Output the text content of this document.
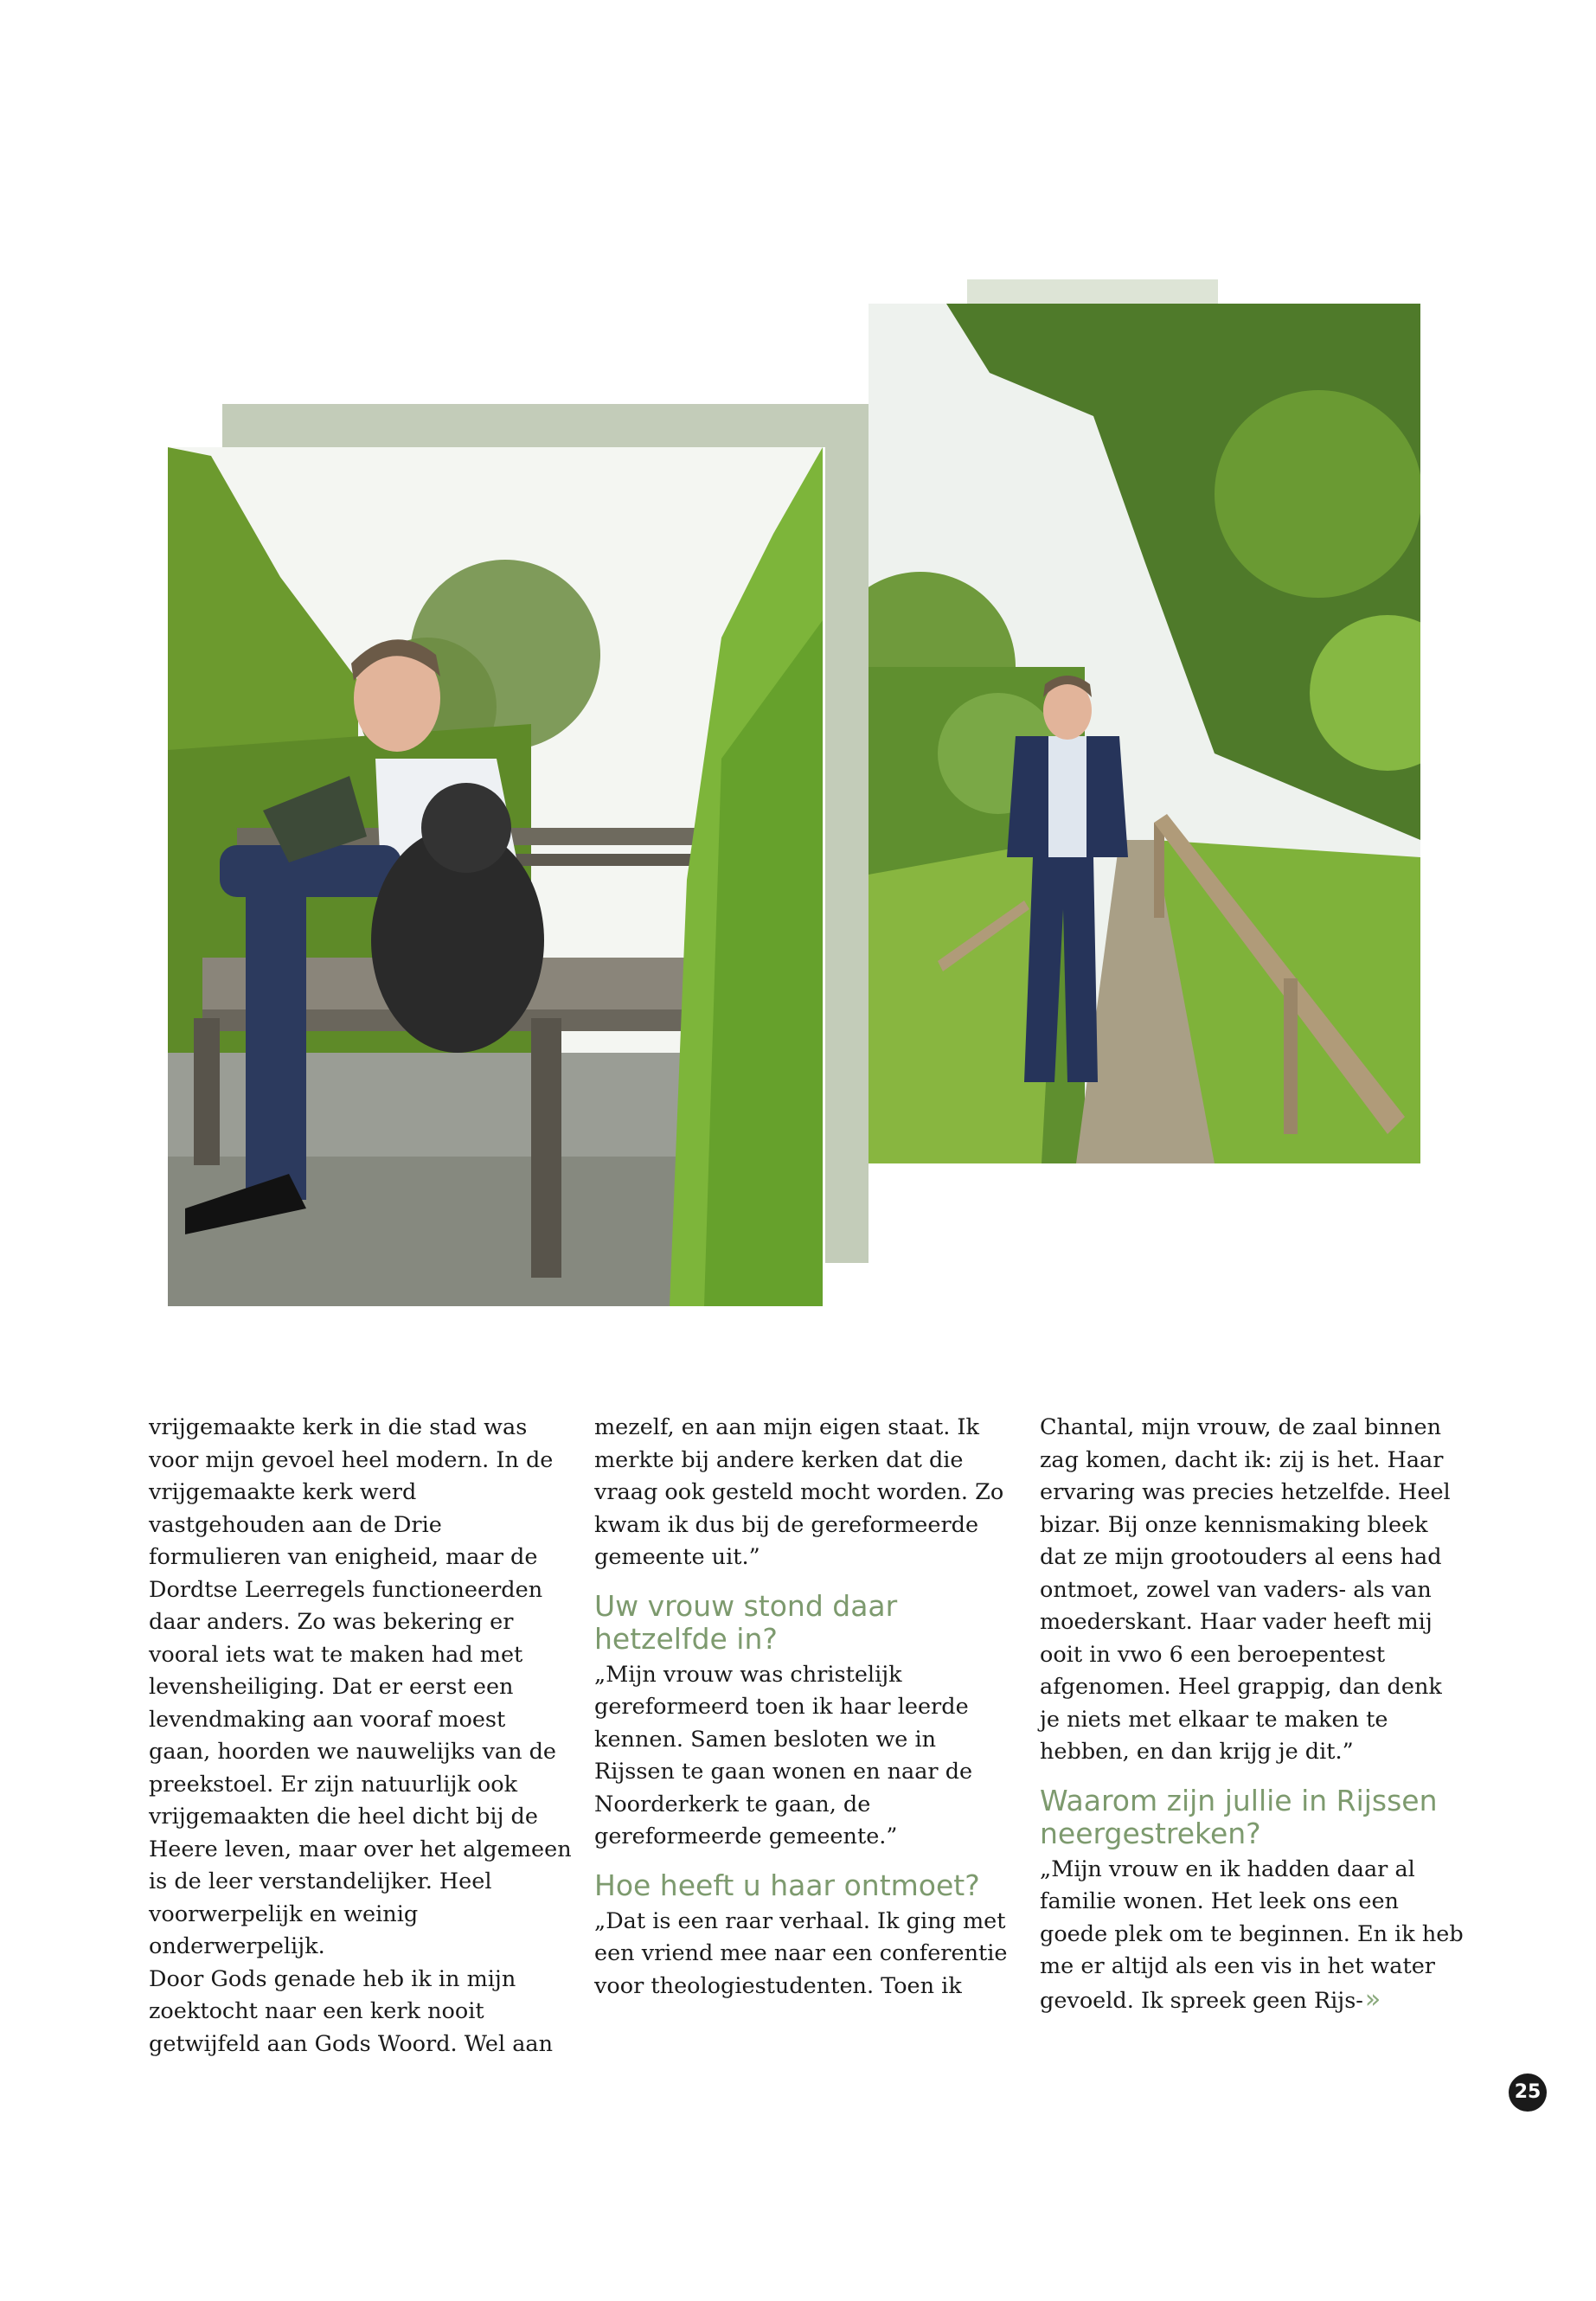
vrijgemaakte kerk in die stad was voor mijn gevoel heel modern. In de vrijgemaakte kerk werd vastgehouden aan de Drie formulieren van enigheid, maar de Dordtse Leerregels functioneerden daar anders. Zo was bekering er vooral iets wat te maken had met levensheiliging. Dat er eerst een levendmaking aan vooraf moest gaan, hoorden we nauwelijks van de preekstoel. Er zijn natuurlijk ook vrijgemaakten die heel dicht bij de Heere leven, maar over het algemeen is de leer verstandelijker. Heel voorwerpelijk en weinig onderwerpelijk.

Door Gods genade heb ik in mijn zoektocht naar een kerk nooit getwijfeld aan Gods Woord. Wel aan

mezelf, en aan mijn eigen staat. Ik merkte bij andere kerken dat die vraag ook gesteld mocht worden. Zo kwam ik dus bij de gereformeerde gemeente uit.”

Uw vrouw stond daar hetzelfde in?

„Mijn vrouw was christelijk gereformeerd toen ik haar leerde kennen. Samen besloten we in Rijssen te gaan wonen en naar de Noorderkerk te gaan, de gereformeerde gemeente.”

Hoe heeft u haar ontmoet?

„Dat is een raar verhaal. Ik ging met een vriend mee naar een conferentie voor theologiestudenten. Toen ik

Chantal, mijn vrouw, de zaal binnen zag komen, dacht ik: zij is het. Haar ervaring was precies hetzelfde. Heel bizar. Bij onze kennismaking bleek dat ze mijn grootouders al eens had ontmoet, zowel van vaders- als van moederskant. Haar vader heeft mij ooit in vwo 6 een beroepentest afgenomen. Heel grappig, dan denk je niets met elkaar te maken te hebben, en dan krijg je dit.”

Waarom zijn jullie in Rijssen neergestreken?

„Mijn vrouw en ik hadden daar al familie wonen. Het leek ons een goede plek om te beginnen. En ik heb me er altijd als een vis in het water gevoeld. Ik spreek geen Rijs-»

25
